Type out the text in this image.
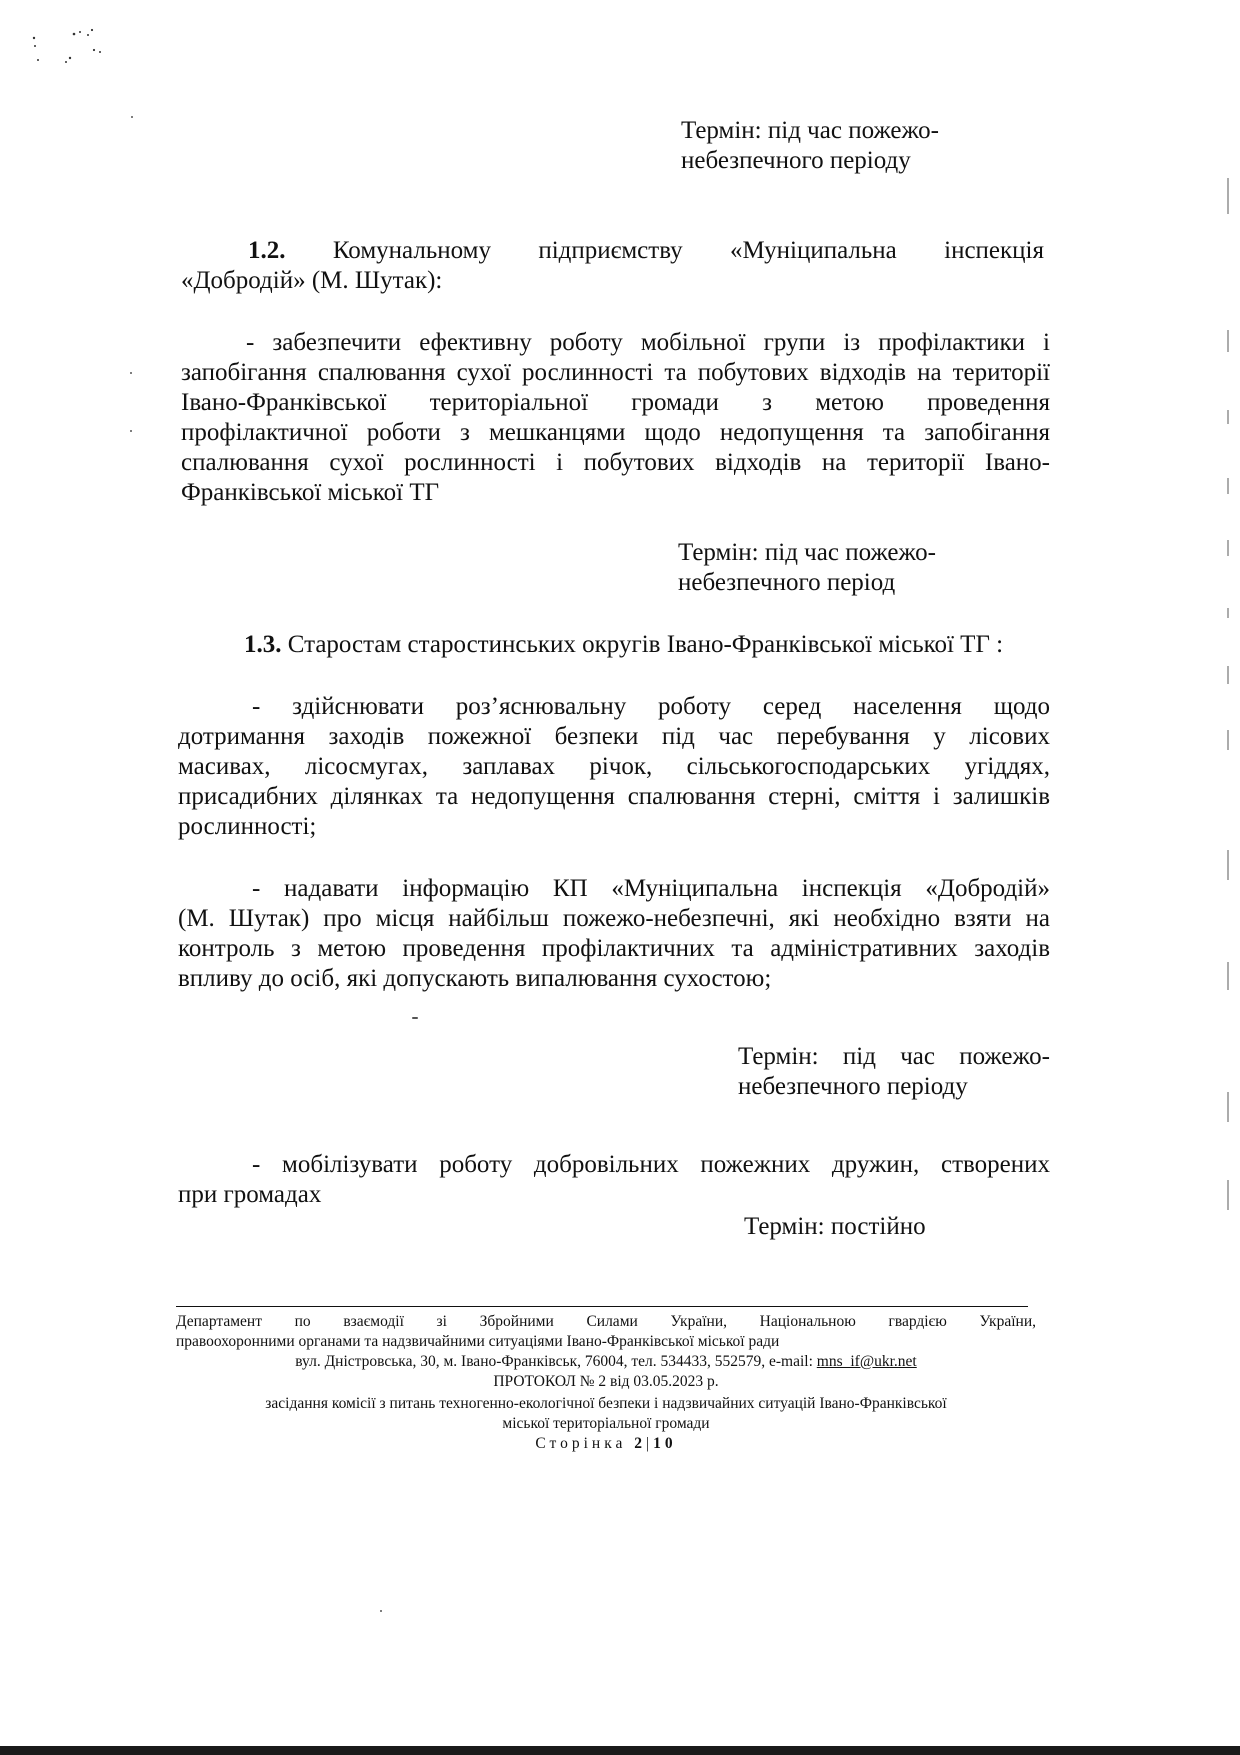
Термін: під час пожежо-
небезпечного періоду
1.2. Комунальному підприємству «Муніципальна інспекція
«Добродій» (М. Шутак):
- забезпечити ефективну роботу мобільної групи із профілактики і
запобігання спалювання сухої рослинності та побутових відходів на території
Івано-Франківської територіальної громади з метою проведення
профілактичної роботи з мешканцями щодо недопущення та запобігання
спалювання сухої рослинності і побутових відходів на території Івано-
Франківської міської ТГ
Термін: під час пожежо-
небезпечного період
1.3. Старостам старостинських округів Івано-Франківської міської ТГ :
- здійснювати роз’яснювальну роботу серед населення щодо
дотримання заходів пожежної безпеки під час перебування у лісових
масивах, лісосмугах, заплавах річок, сільськогосподарських угіддях,
присадибних ділянках та недопущення спалювання стерні, сміття і залишків
рослинності;
- надавати інформацію КП «Муніципальна інспекція «Добродій»
(М. Шутак) про місця найбільш пожежо-небезпечні, які необхідно взяти на
контроль з метою проведення профілактичних та адміністративних заходів
впливу до осіб, які допускають випалювання сухостою;
Термін: під час пожежо-
небезпечного періоду
- мобілізувати роботу добровільних пожежних дружин, створених
при громадах
Термін: постійно
Департамент по взаємодії зі Збройними Силами України, Національною гвардією України,
правоохоронними органами та надзвичайними ситуаціями Івано-Франківської міської ради
вул. Дністровська, 30, м. Івано-Франківськ, 76004, тел. 534433, 552579, e-mail: mns_if@ukr.net
ПРОТОКОЛ № 2 від 03.05.2023 р.
засідання комісії з питань техногенно-екологічної безпеки і надзвичайних ситуацій Івано-Франківської
міської територіальної громади
Сторінка 2|10
